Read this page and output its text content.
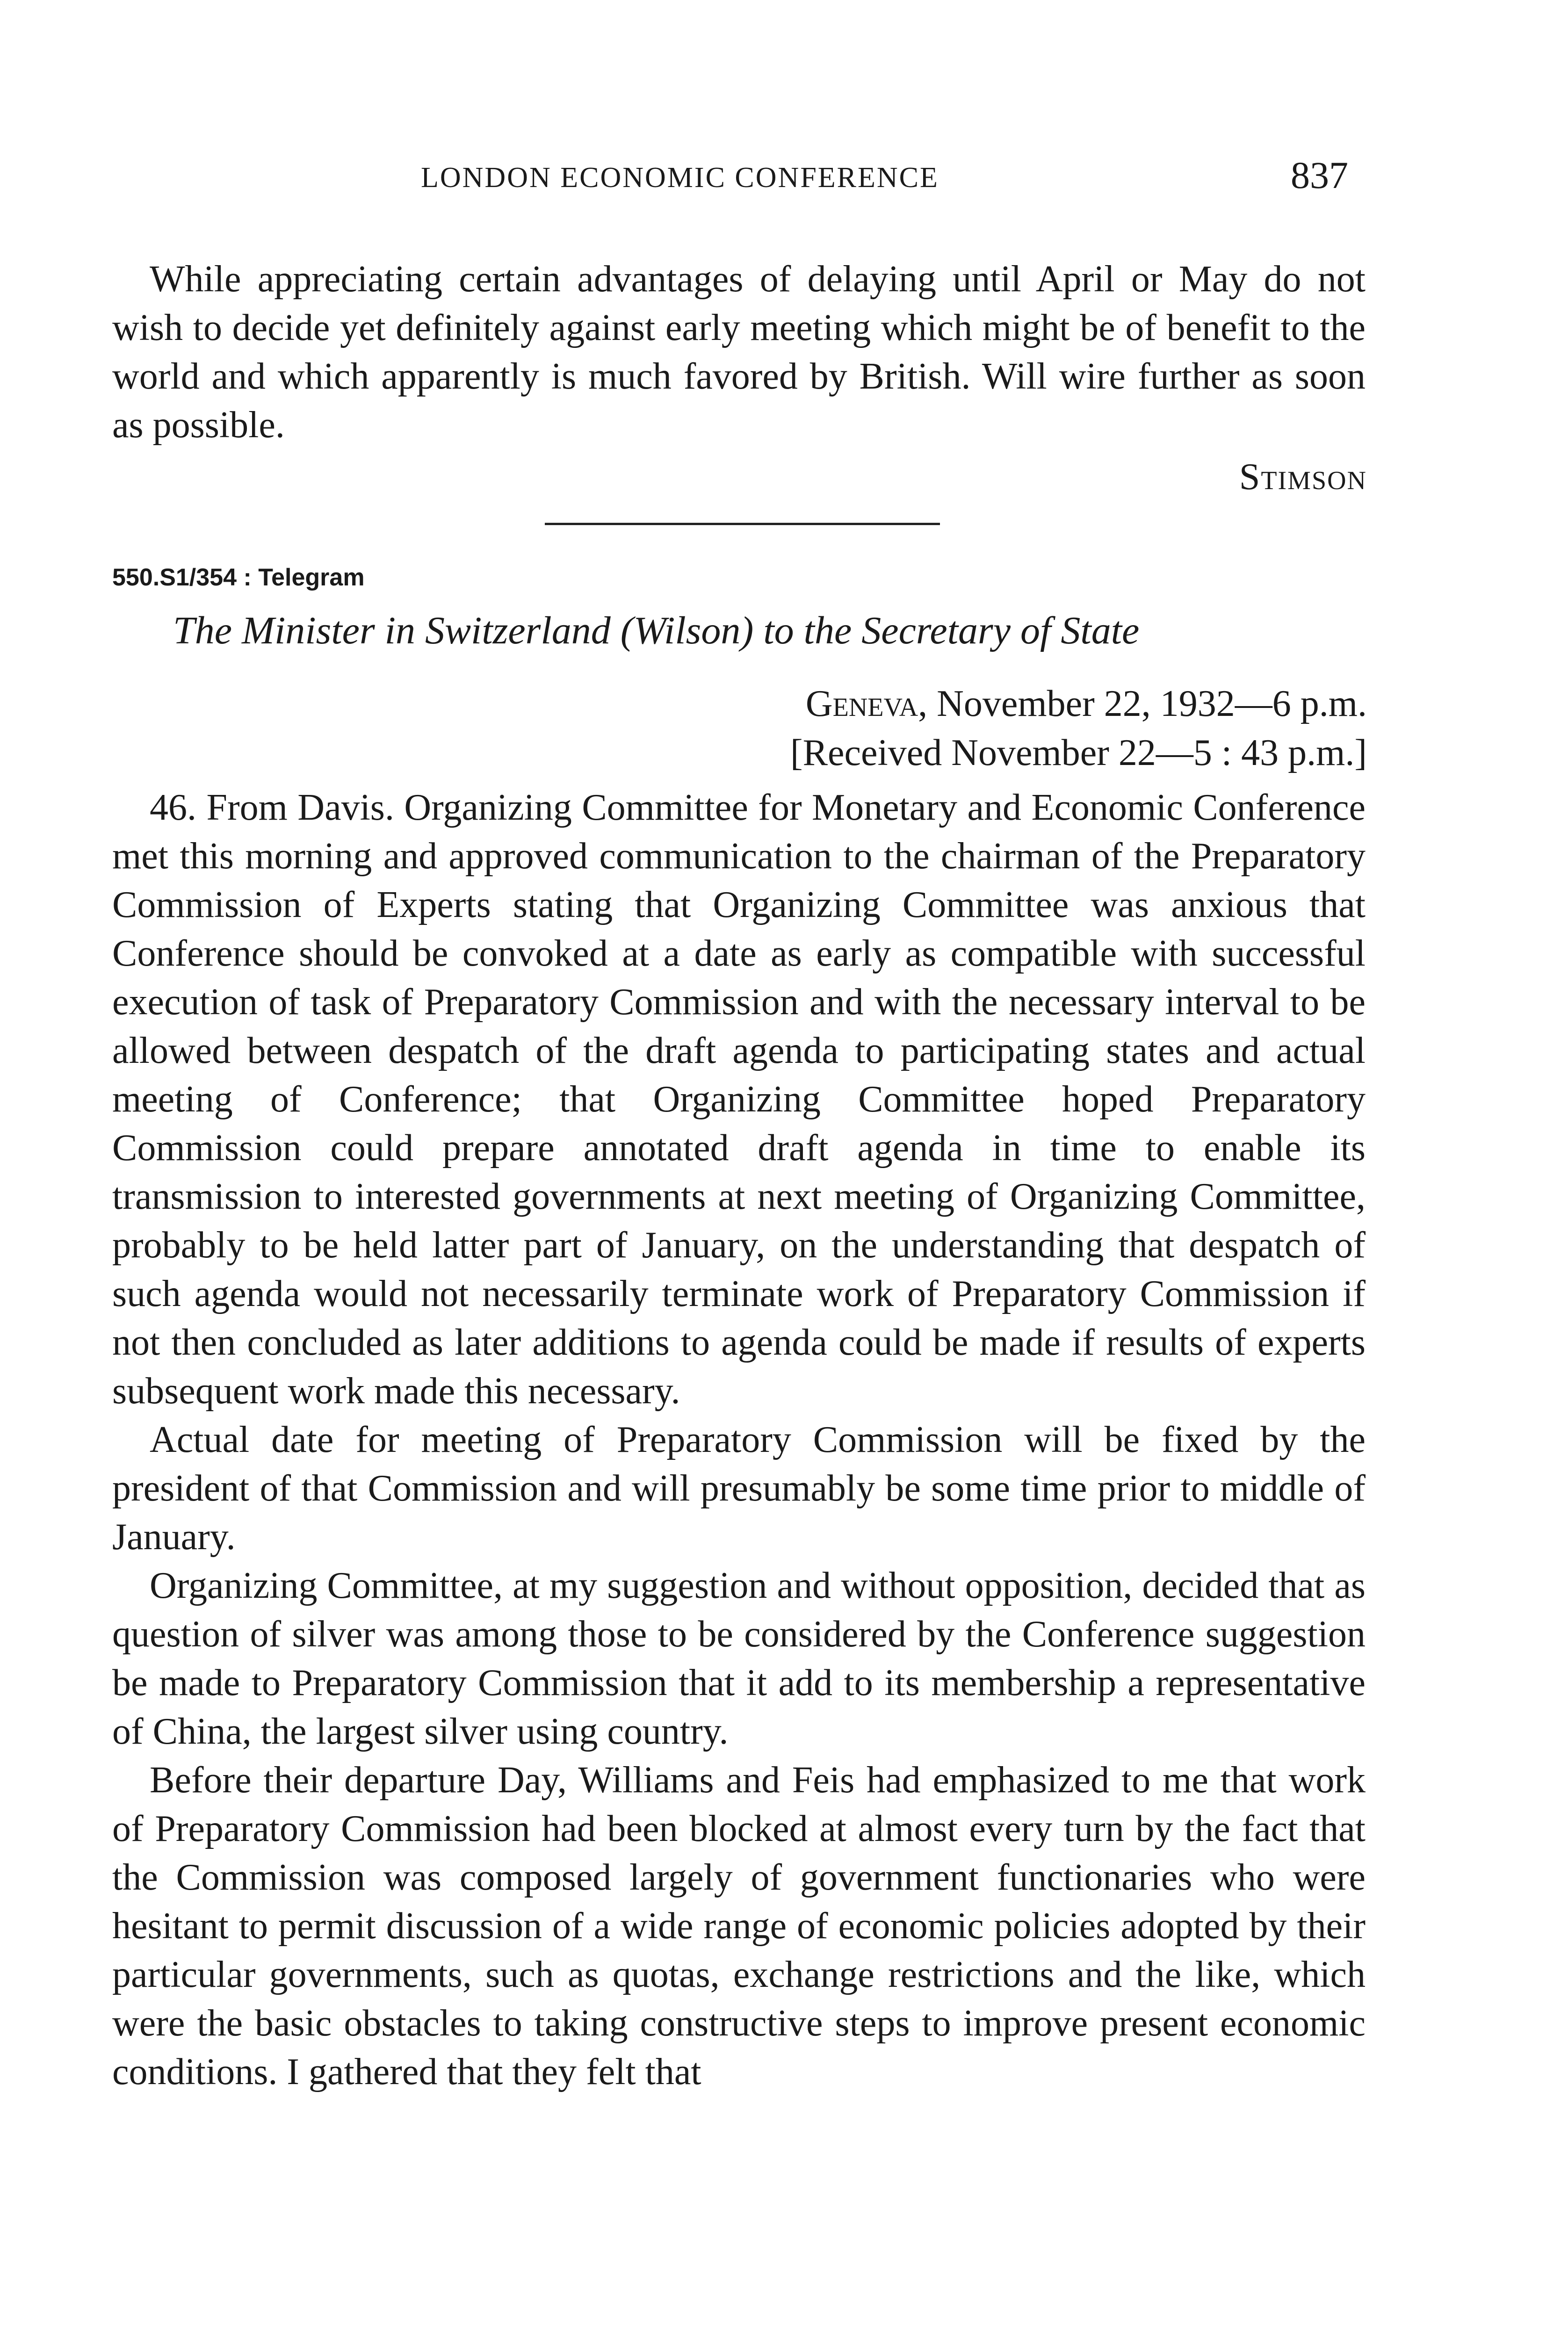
LONDON ECONOMIC CONFERENCE	837

While appreciating certain advantages of delaying until April or May do not wish to decide yet definitely against early meeting which might be of benefit to the world and which apparently is much favored by British. Will wire further as soon as possible.

Stimson
550.S1/354 : Telegram
The Minister in Switzerland (Wilson) to the Secretary of State
Geneva, November 22, 1932—6 p.m.
[Received November 22—5 : 43 p.m.]

46. From Davis. Organizing Committee for Monetary and Economic Conference met this morning and approved communication to the chairman of the Preparatory Commission of Experts stating that Organizing Committee was anxious that Conference should be convoked at a date as early as compatible with successful execution of task of Preparatory Commission and with the necessary interval to be allowed between despatch of the draft agenda to participating states and actual meeting of Conference; that Organizing Committee hoped Preparatory Commission could prepare annotated draft agenda in time to enable its transmission to interested governments at next meeting of Organizing Committee, probably to be held latter part of January, on the understanding that despatch of such agenda would not necessarily terminate work of Preparatory Commission if not then concluded as later additions to agenda could be made if results of experts subsequent work made this necessary.

Actual date for meeting of Preparatory Commission will be fixed by the president of that Commission and will presumably be some time prior to middle of January.

Organizing Committee, at my suggestion and without opposition, decided that as question of silver was among those to be considered by the Conference suggestion be made to Preparatory Commission that it add to its membership a representative of China, the largest silver using country.

Before their departure Day, Williams and Feis had emphasized to me that work of Preparatory Commission had been blocked at almost every turn by the fact that the Commission was composed largely of government functionaries who were hesitant to permit discussion of a wide range of economic policies adopted by their particular governments, such as quotas, exchange restrictions and the like, which were the basic obstacles to taking constructive steps to improve present economic conditions. I gathered that they felt that
